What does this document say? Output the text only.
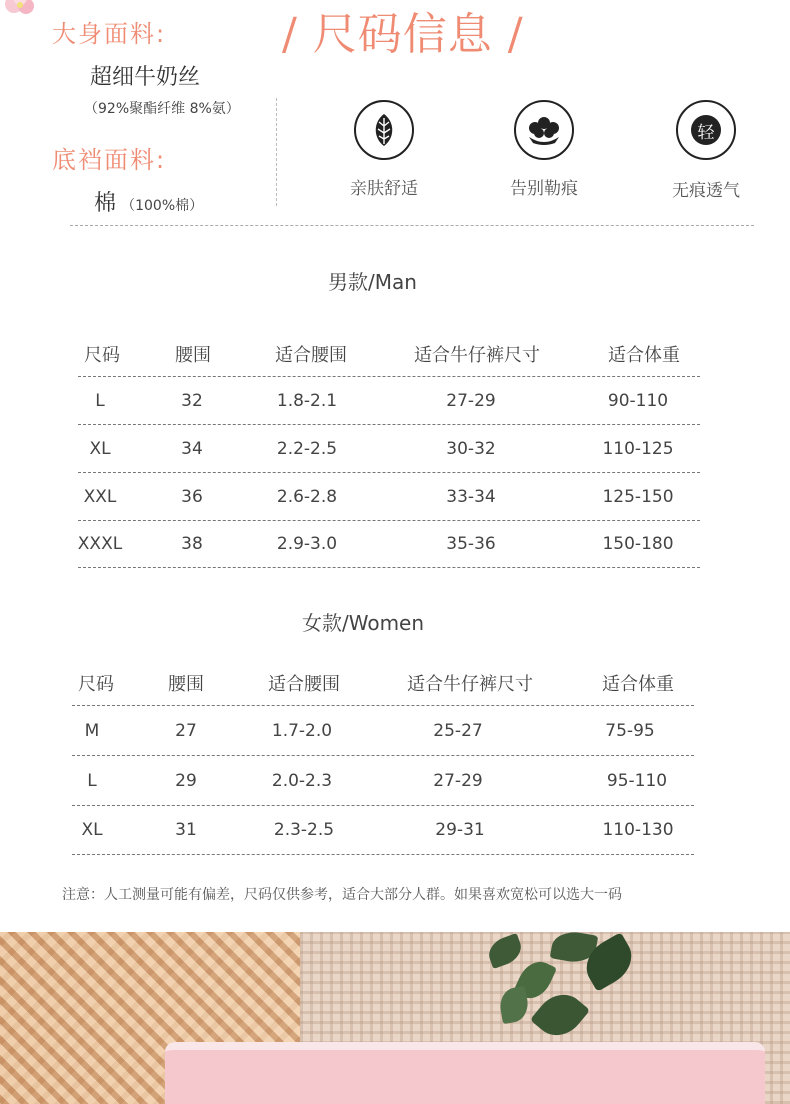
大身面料:	/ 尺码信息 /
超细牛奶丝
（92%聚酯纤维 8%氨）
底裆面料:
棉 （100%棉）
亲肤舒适	告别勒痕
轻
无痕透气
男款/Man
尺码	腰围	适合腰围	适合牛仔裤尺寸	适合体重
L	32	1.8-2.1	27-29	90-110
XL	34	2.2-2.5	30-32	110-125
XXL	36	2.6-2.8	33-34	125-150
XXXL	38	2.9-3.0	35-36	150-180
女款/Women
尺码	腰围	适合腰围	适合牛仔裤尺寸	适合体重
M	27	1.7-2.0	25-27	75-95
L	29	2.0-2.3	27-29	95-110
XL	31	2.3-2.5	29-31	110-130
注意：人工测量可能有偏差，尺码仅供参考，适合大部分人群。如果喜欢宽松可以选大一码
